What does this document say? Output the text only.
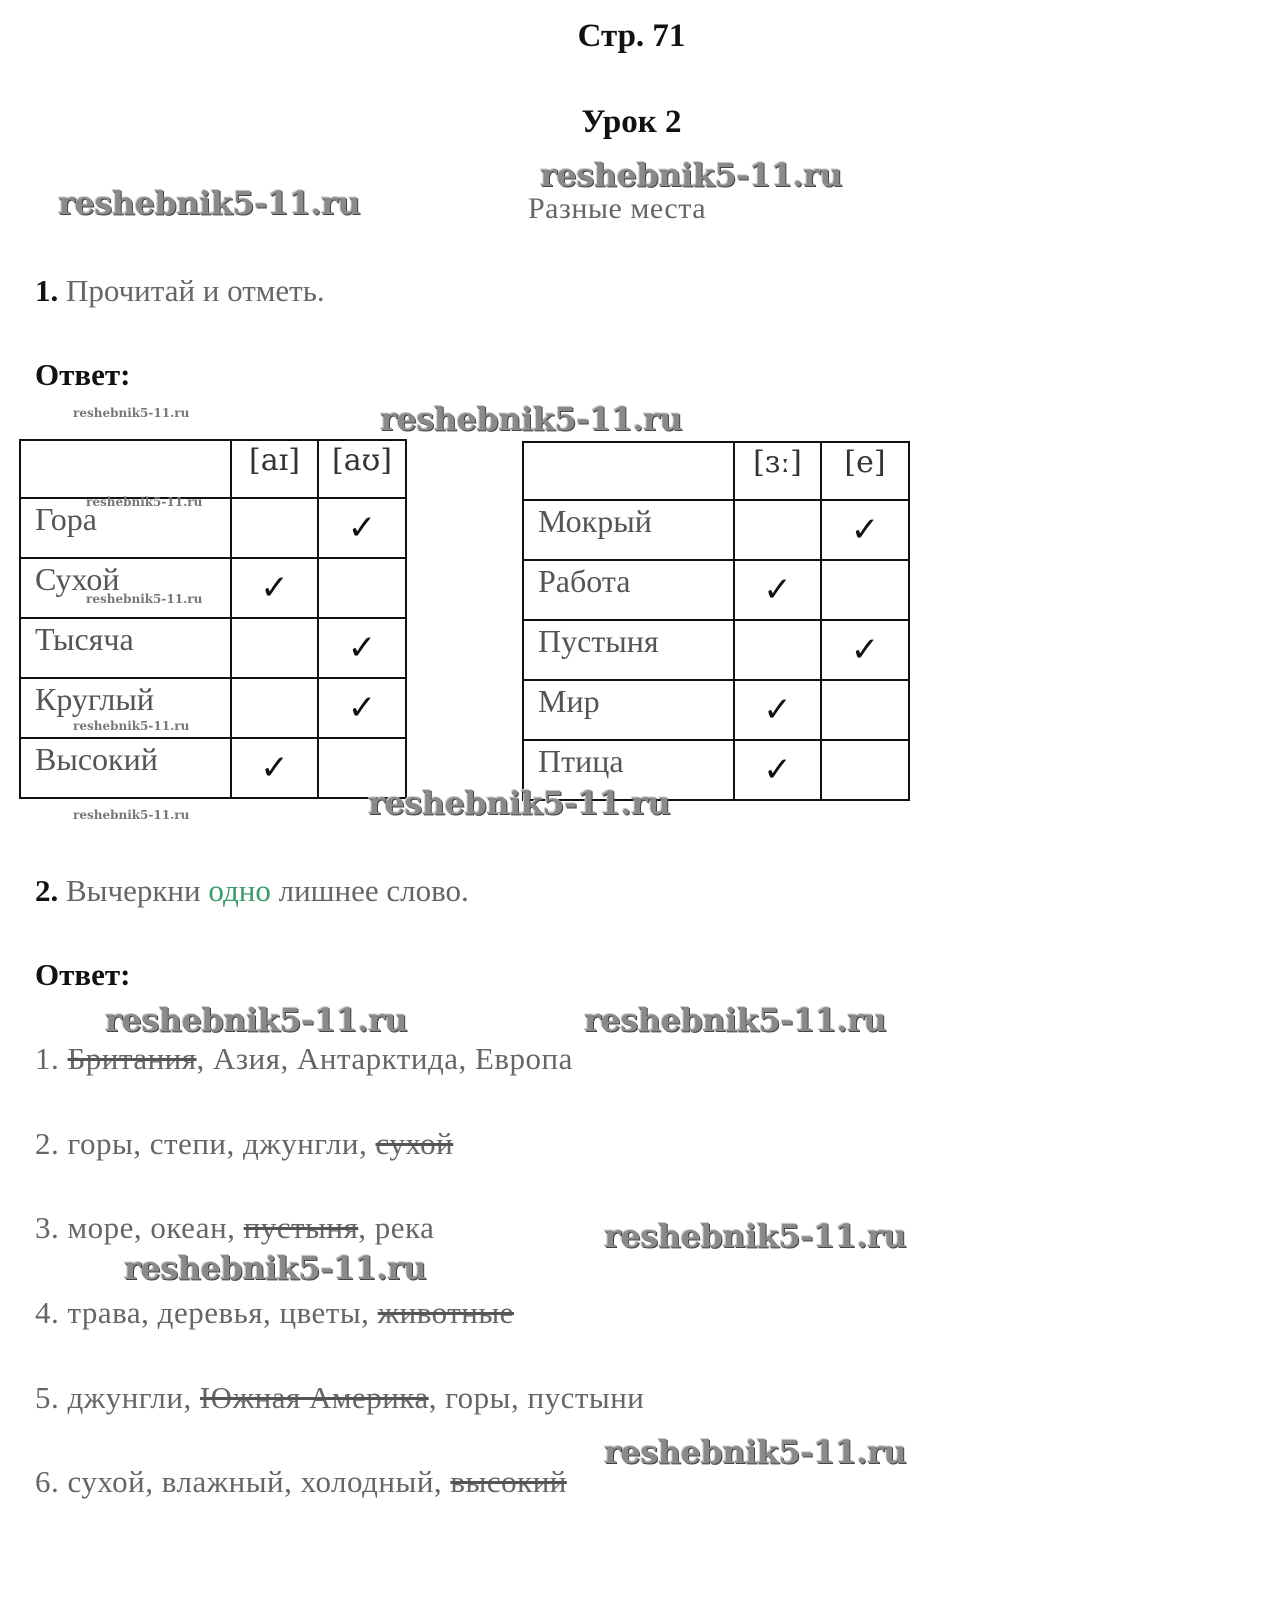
Стр. 71
Урок 2
reshebnik5-11.ru
reshebnik5-11.ru	Разные места
1. Прочитай и отметь.
Ответ:
reshebnik5-11.ru	reshebnik5-11.ru
	[aɪ]	[aʊ]
Гора		✓
Сухой	✓	
Тысяча		✓
Круглый		✓
Высокий	✓	
	[ɜː]	[e]
Мокрый		✓
Работа	✓	
Пустыня		✓
Мир	✓	
Птица	✓	
reshebnik5-11.ru
reshebnik5-11.ru
reshebnik5-11.ru
reshebnik5-11.ru	reshebnik5-11.ru
2. Вычеркни одно лишнее слово.
Ответ:
reshebnik5-11.ru	reshebnik5-11.ru
1. Британия, Азия, Антарктида, Европа
2. горы, степи, джунгли, сухой
3. море, океан, пустыня, река
4. трава, деревья, цветы, животные
5. джунгли, Южная Америка, горы, пустыни
6. сухой, влажный, холодный, высокий
reshebnik5-11.ru
reshebnik5-11.ru
reshebnik5-11.ru
